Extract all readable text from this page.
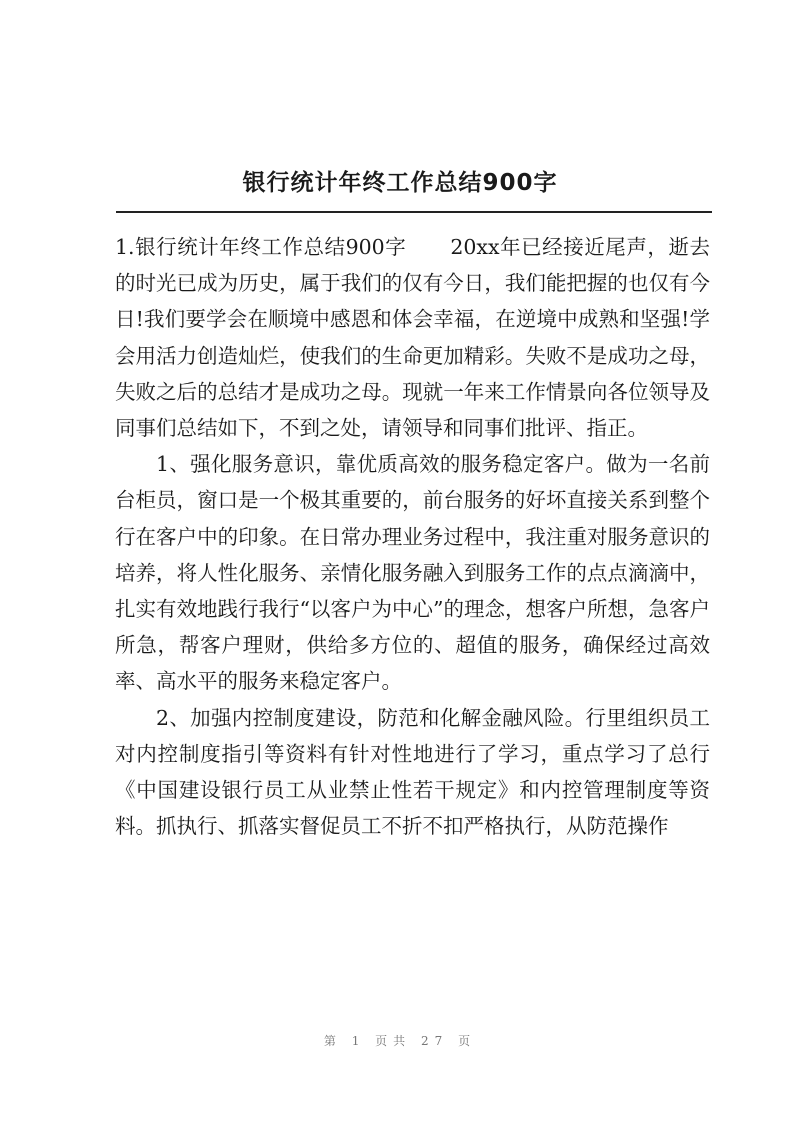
银行统计年终工作总结900字

1.银行统计年终工作总结900字 20xx年已经接近尾声，逝去的时光已成为历史，属于我们的仅有今日，我们能把握的也仅有今日!我们要学会在顺境中感恩和体会幸福，在逆境中成熟和坚强!学会用活力创造灿烂，使我们的生命更加精彩。失败不是成功之母，失败之后的总结才是成功之母。现就一年来工作情景向各位领导及同事们总结如下，不到之处，请领导和同事们批评、指正。

1、强化服务意识，靠优质高效的服务稳定客户。做为一名前台柜员，窗口是一个极其重要的，前台服务的好坏直接关系到整个行在客户中的印象。在日常办理业务过程中，我注重对服务意识的培养，将人性化服务、亲情化服务融入到服务工作的点点滴滴中，扎实有效地践行我行“以客户为中心”的理念，想客户所想，急客户所急，帮客户理财，供给多方位的、超值的服务，确保经过高效率、高水平的服务来稳定客户。

2、加强内控制度建设，防范和化解金融风险。行里组织员工对内控制度指引等资料有针对性地进行了学习，重点学习了总行《中国建设银行员工从业禁止性若干规定》和内控管理制度等资料。抓执行、抓落实督促员工不折不扣严格执行，从防范操作

第 1 页共 27 页
